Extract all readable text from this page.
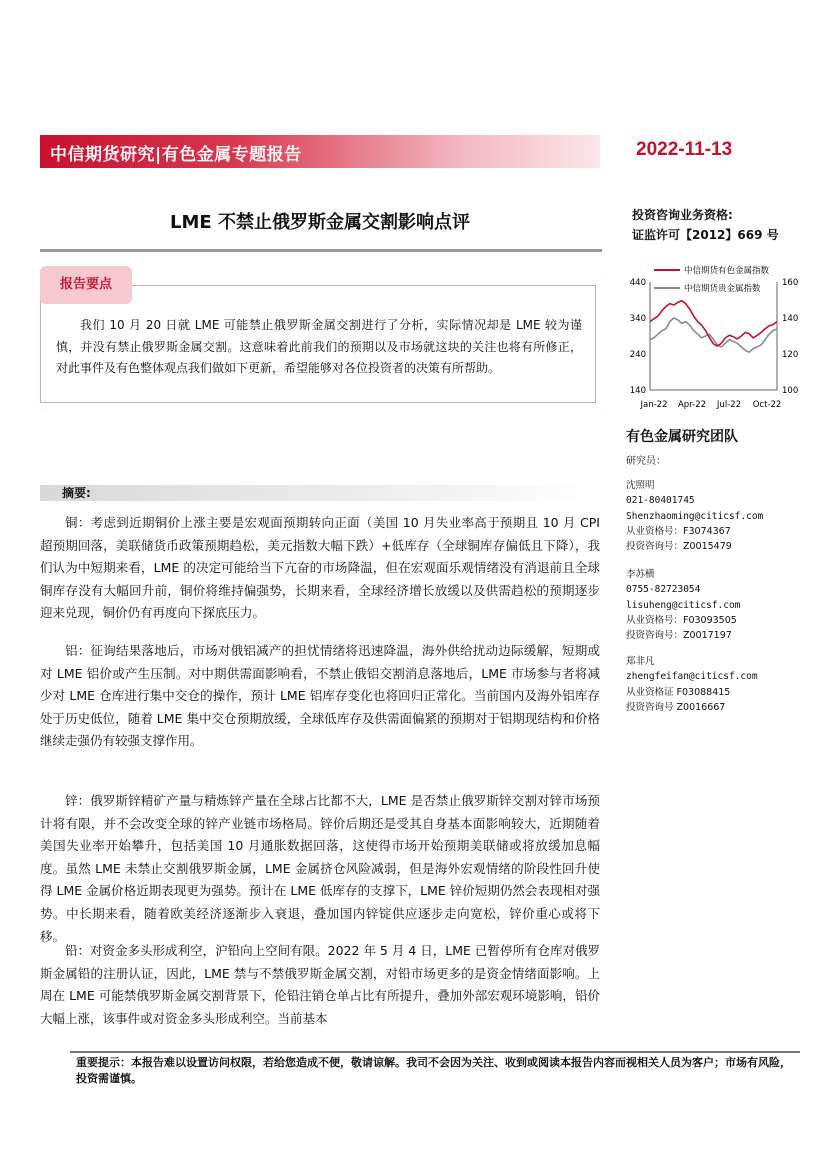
中信期货研究|有色金属专题报告	2022-11-13
LME 不禁止俄罗斯金属交割影响点评	投资咨询业务资格:
证监许可【2012】669 号
报告要点
我们 10 月 20 日就 LME 可能禁止俄罗斯金属交割进行了分析，实际情况却是 LME 较为谨慎，并没有禁止俄罗斯金属交割。这意味着此前我们的预期以及市场就这块的关注也将有所修正，对此事件及有色整体观点我们做如下更新，希望能够对各位投资者的决策有所帮助。
摘要:
铜：考虑到近期铜价上涨主要是宏观面预期转向正面（美国 10 月失业率高于预期且 10 月 CPI 超预期回落，美联储货币政策预期趋松，美元指数大幅下跌）+低库存（全球铜库存偏低且下降），我们认为中短期来看，LME 的决定可能给当下亢奋的市场降温，但在宏观面乐观情绪没有消退前且全球铜库存没有大幅回升前，铜价将维持偏强势，长期来看，全球经济增长放缓以及供需趋松的预期逐步迎来兑现，铜价仍有再度向下探底压力。
铝：征询结果落地后，市场对俄铝减产的担忧情绪将迅速降温，海外供给扰动边际缓解，短期或对 LME 铝价或产生压制。对中期供需面影响看，不禁止俄铝交割消息落地后，LME 市场参与者将减少对 LME 仓库进行集中交仓的操作，预计 LME 铝库存变化也将回归正常化。当前国内及海外铝库存处于历史低位，随着 LME 集中交仓预期放缓，全球低库存及供需面偏紧的预期对于铝期现结构和价格继续走强仍有较强支撑作用。
锌：俄罗斯锌精矿产量与精炼锌产量在全球占比都不大，LME 是否禁止俄罗斯锌交割对锌市场预计将有限，并不会改变全球的锌产业链市场格局。锌价后期还是受其自身基本面影响较大，近期随着美国失业率开始攀升，包括美国 10 月通胀数据回落，这使得市场开始预期美联储或将放缓加息幅度。虽然 LME 未禁止交割俄罗斯金属，LME 金属挤仓风险减弱，但是海外宏观情绪的阶段性回升使得 LME 金属价格近期表现更为强势。预计在 LME 低库存的支撑下，LME 锌价短期仍然会表现相对强势。中长期来看，随着欧美经济逐渐步入衰退，叠加国内锌锭供应逐步走向宽松，锌价重心或将下移。
铅：对资金多头形成利空，沪铅向上空间有限。2022 年 5 月 4 日，LME 已暂停所有仓库对俄罗斯金属铅的注册认证，因此，LME 禁与不禁俄罗斯金属交割，对铅市场更多的是资金情绪面影响。上周在 LME 可能禁俄罗斯金属交割背景下，伦铅注销仓单占比有所提升，叠加外部宏观环境影响，铅价大幅上涨，该事件或对资金多头形成利空。当前基本
重要提示：本报告难以设置访问权限，若给您造成不便，敬请谅解。我司不会因为关注、收到或阅读本报告内容而视相关人员为客户；市场有风险，投资需谨慎。
中信期货有色金属指数
中信期货贵金属指数
440
340
240
140
160
140
120
100
Jan-22 Apr-22 Jul-22 Oct-22
有色金属研究团队
研究员：
沈照明
021-80401745
Shenzhaoming@citicsf.com
从业资格号：F3074367
投资咨询号：Z0015479
李苏横
0755-82723054
lisuheng@citicsf.com
从业资格号：F03093505
投资咨询号：Z0017197
郑非凡
zhengfeifan@citicsf.com
从业资格证 F03088415
投资咨询号 Z0016667
